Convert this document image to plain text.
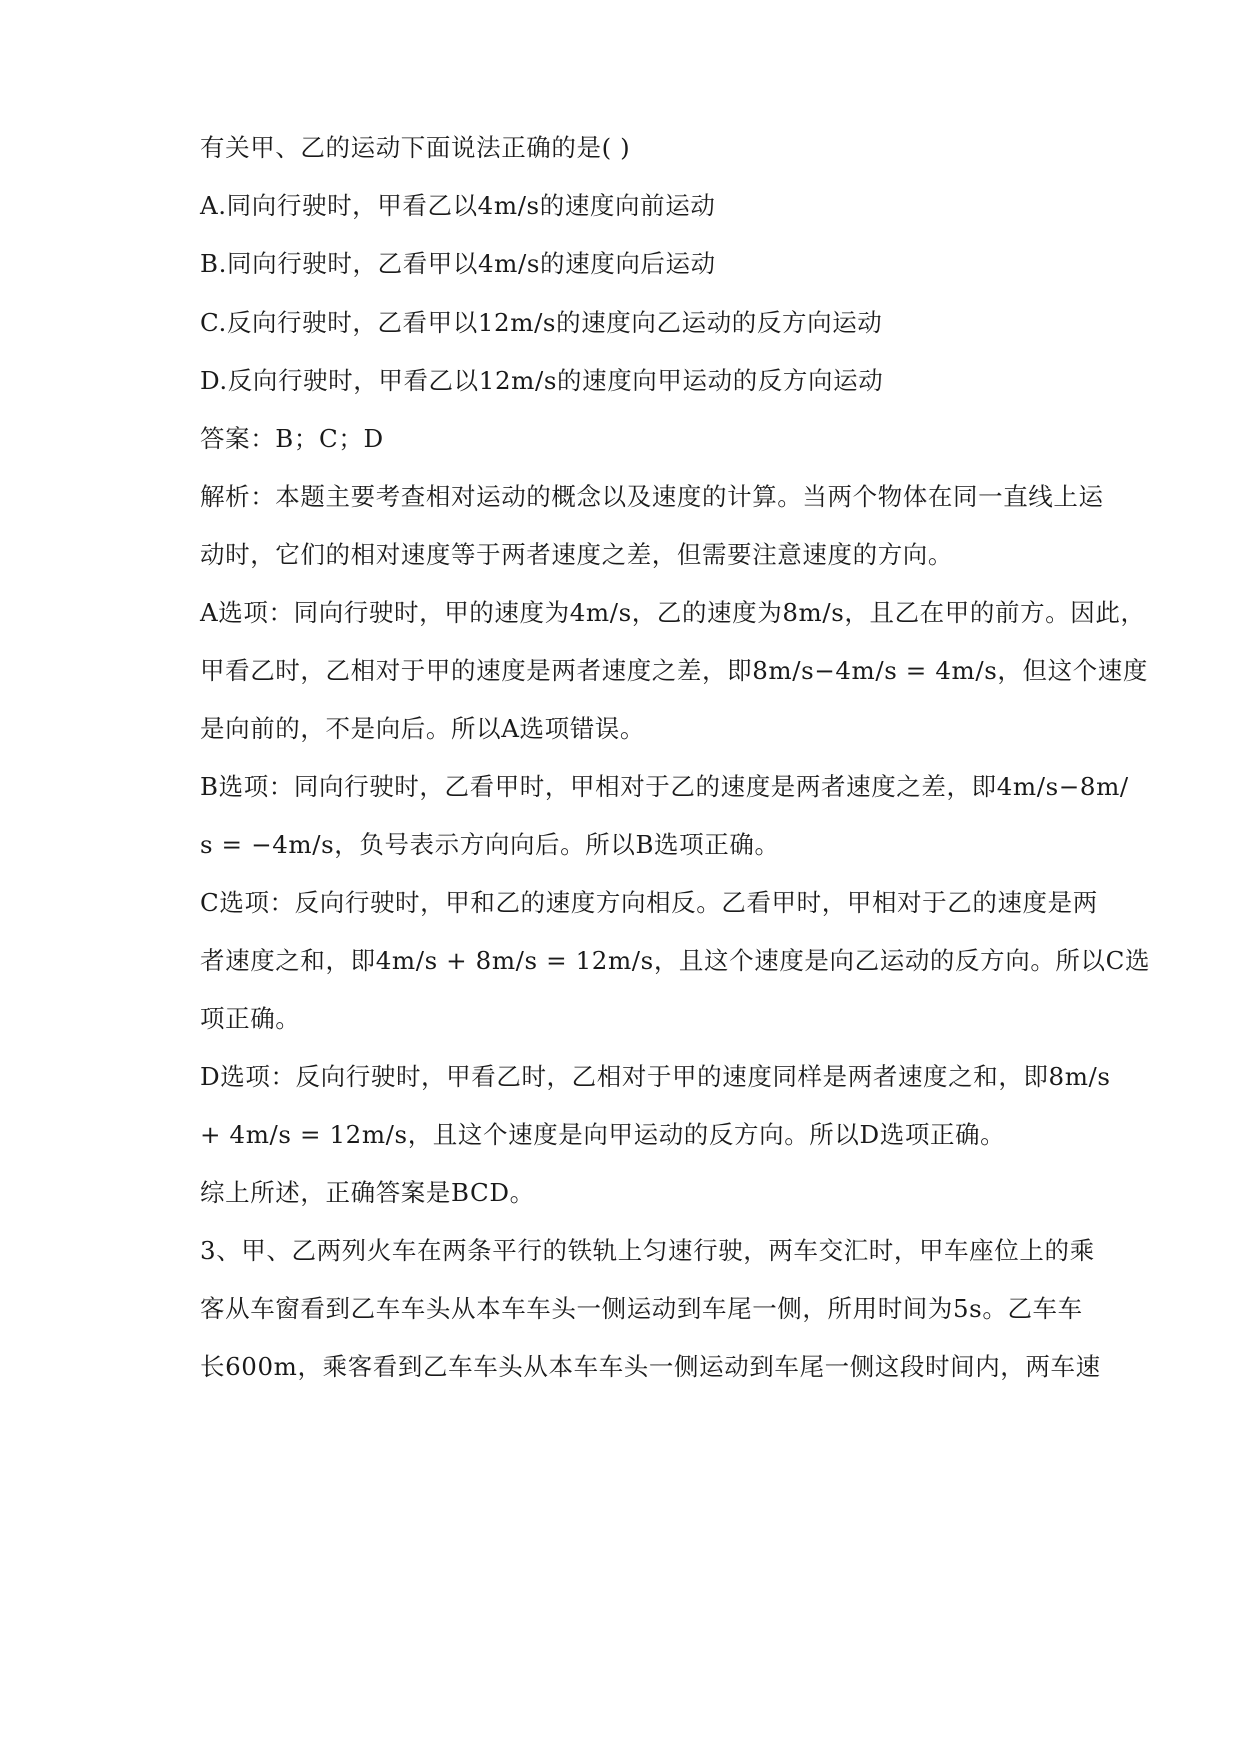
有关甲、乙的运动下面说法正确的是( )
A.同向行驶时，甲看乙以4m/s的速度向前运动
B.同向行驶时，乙看甲以4m/s的速度向后运动
C.反向行驶时，乙看甲以12m/s的速度向乙运动的反方向运动
D.反向行驶时，甲看乙以12m/s的速度向甲运动的反方向运动
答案：B；C；D
解析：本题主要考查相对运动的概念以及速度的计算。当两个物体在同一直线上运
动时，它们的相对速度等于两者速度之差，但需要注意速度的方向。
A选项：同向行驶时，甲的速度为4m/s，乙的速度为8m/s，且乙在甲的前方。因此，
甲看乙时，乙相对于甲的速度是两者速度之差，即8m/s−4m/s = 4m/s，但这个速度
是向前的，不是向后。所以A选项错误。
B选项：同向行驶时，乙看甲时，甲相对于乙的速度是两者速度之差，即4m/s−8m/
s = −4m/s，负号表示方向向后。所以B选项正确。
C选项：反向行驶时，甲和乙的速度方向相反。乙看甲时，甲相对于乙的速度是两
者速度之和，即4m/s + 8m/s = 12m/s，且这个速度是向乙运动的反方向。所以C选
项正确。
D选项：反向行驶时，甲看乙时，乙相对于甲的速度同样是两者速度之和，即8m/s
+ 4m/s = 12m/s，且这个速度是向甲运动的反方向。所以D选项正确。
综上所述，正确答案是BCD。
3、甲、乙两列火车在两条平行的铁轨上匀速行驶，两车交汇时，甲车座位上的乘
客从车窗看到乙车车头从本车车头一侧运动到车尾一侧，所用时间为5s。乙车车
长600m，乘客看到乙车车头从本车车头一侧运动到车尾一侧这段时间内，两车速
